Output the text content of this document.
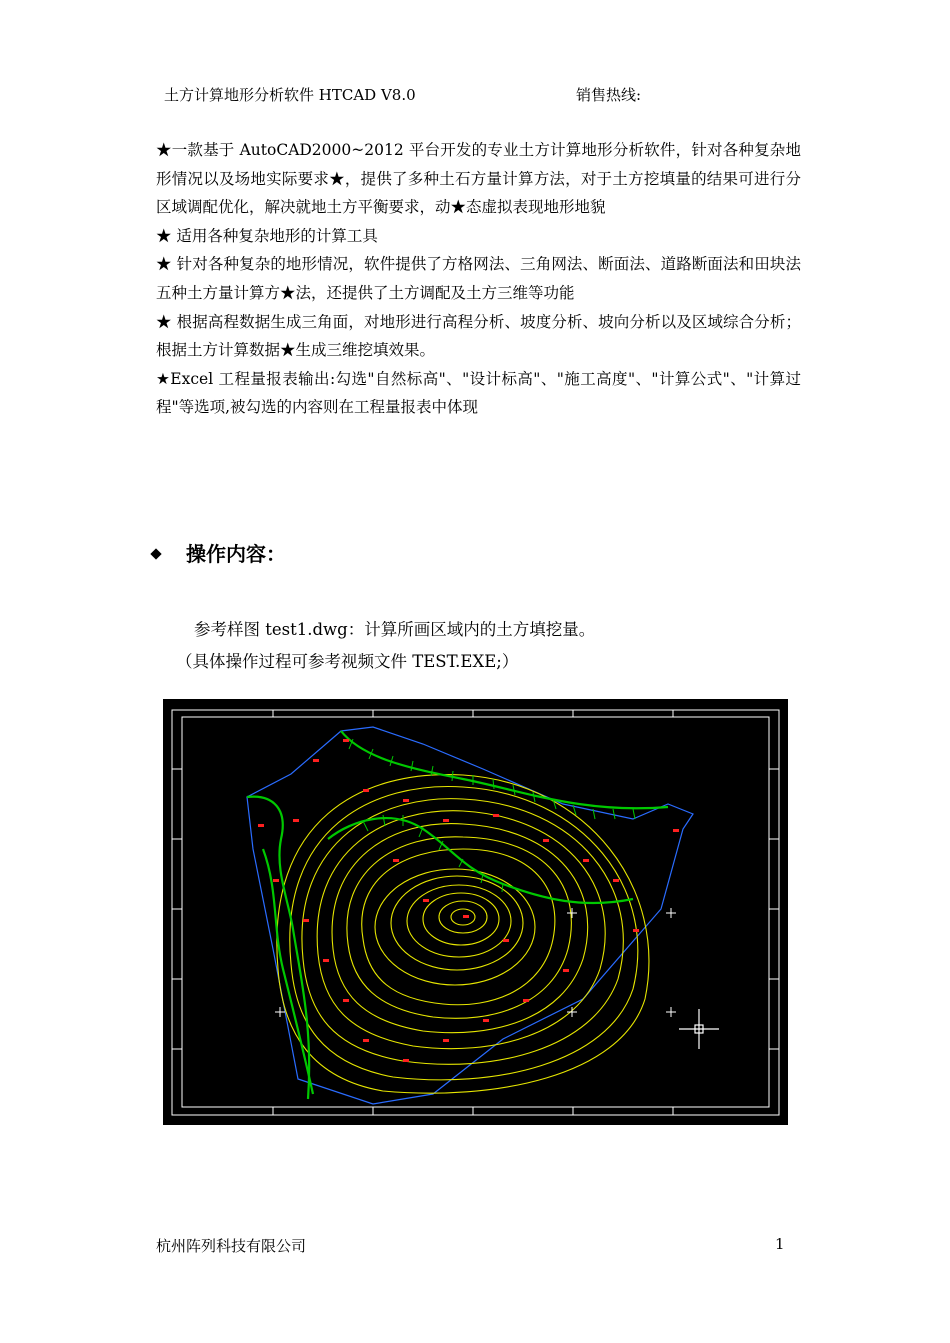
土方计算地形分析软件 HTCAD V8.0	销售热线:

★一款基于 AutoCAD2000~2012 平台开发的专业土方计算地形分析软件，针对各种复杂地形情况以及场地实际要求★，提供了多种土石方量计算方法，对于土方挖填量的结果可进行分区域调配优化，解决就地土方平衡要求，动★态虚拟表现地形地貌

★ 适用各种复杂地形的计算工具

★ 针对各种复杂的地形情况，软件提供了方格网法、三角网法、断面法、道路断面法和田块法五种土方量计算方★法，还提供了土方调配及土方三维等功能

★ 根据高程数据生成三角面，对地形进行高程分析、坡度分析、坡向分析以及区域综合分析；根据土方计算数据★生成三维挖填效果。

★Excel 工程量报表输出:勾选"自然标高"、"设计标高"、"施工高度"、"计算公式"、"计算过程"等选项,被勾选的内容则在工程量报表中体现

操作内容：
参考样图 test1.dwg：计算所画区域内的土方填挖量。
（具体操作过程可参考视频文件 TEST.EXE;）
杭州阵列科技有限公司	1
